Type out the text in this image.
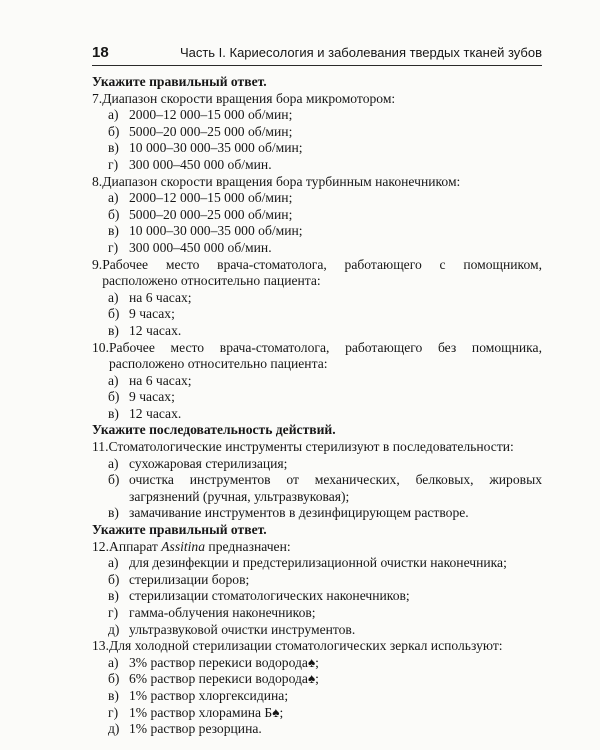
18	Часть I. Кариесология и заболевания твердых тканей зубов
Укажите правильный ответ.
7. Диапазон скорости вращения бора микромотором:
а) 2000–12 000–15 000 об/мин;
б) 5000–20 000–25 000 об/мин;
в) 10 000–30 000–35 000 об/мин;
г) 300 000–450 000 об/мин.
8. Диапазон скорости вращения бора турбинным наконечником:
а) 2000–12 000–15 000 об/мин;
б) 5000–20 000–25 000 об/мин;
в) 10 000–30 000–35 000 об/мин;
г) 300 000–450 000 об/мин.
9. Рабочее место врача-стоматолога, работающего с помощником, расположено относительно пациента:
а) на 6 часах;
б) 9 часах;
в) 12 часах.
10. Рабочее место врача-стоматолога, работающего без помощника, расположено относительно пациента:
а) на 6 часах;
б) 9 часах;
в) 12 часах.
Укажите последовательность действий.
11. Стоматологические инструменты стерилизуют в последовательности:
а) сухожаровая стерилизация;
б) очистка инструментов от механических, белковых, жировых загрязнений (ручная, ультразвуковая);
в) замачивание инструментов в дезинфицирующем растворе.
Укажите правильный ответ.
12. Аппарат Assitina предназначен:
а) для дезинфекции и предстерилизационной очистки наконечника;
б) стерилизации боров;
в) стерилизации стоматологических наконечников;
г) гамма-облучения наконечников;
д) ультразвуковой очистки инструментов.
13. Для холодной стерилизации стоматологических зеркал используют:
а) 3% раствор перекиси водорода♠;
б) 6% раствор перекиси водорода♠;
в) 1% раствор хлоргексидина;
г) 1% раствор хлорамина Б♠;
д) 1% раствор резорцина.
